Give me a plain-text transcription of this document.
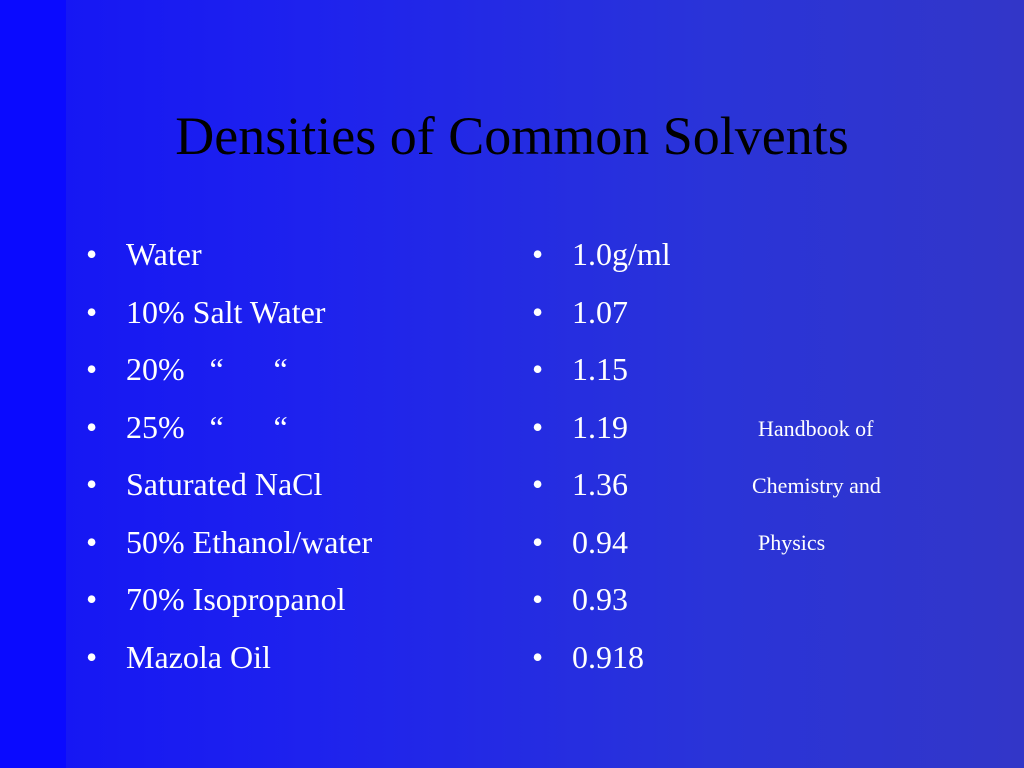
Densities of Common Solvents
• Water
• 10% Salt Water
• 20% “ “
• 25% “ “
• Saturated NaCl
• 50% Ethanol/water
• 70% Isopropanol
• Mazola Oil
• 1.0g/ml
• 1.07
• 1.15
• 1.19
• 1.36
• 0.94
• 0.93
• 0.918
Handbook of
Chemistry and
Physics
